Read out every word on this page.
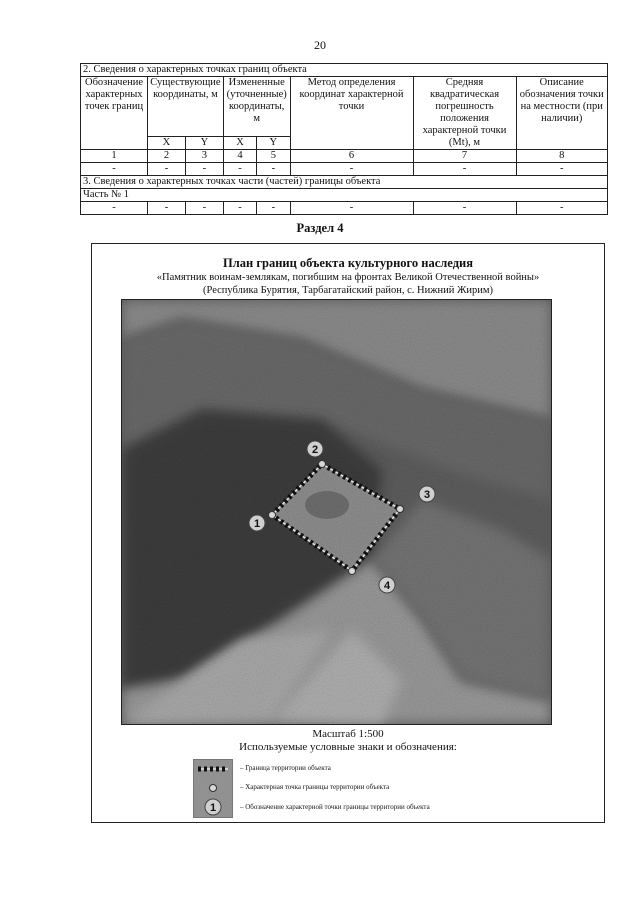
20
2. Сведения о характерных точках границ объекта							
Обозначение характерных точек границ	Существующие координаты, м		Измененные (уточненные) координаты, м		Метод определения координат характерной точки	Средняя квадратическая погрешность положения характерной точки (Мt), м	Описание обозначения точки на местности (при наличии)
	X	Y	X	Y			
1	2	3	4	5	6	7	8
-	-	-	-	-	-	-	-
3. Сведения о характерных точках части (частей) границы объекта							
Часть № 1							
-	-	-	-	-	-	-	-
Раздел 4
План границ объекта культурного наследия
«Памятник воинам-землякам, погибшим на фронтах Великой Отечественной войны»
(Республика Бурятия, Тарбагатайский район, с. Нижний Жирим)
1
2
3
4
Масштаб 1:500
Используемые условные знаки и обозначения:
1
– Граница территории объекта
– Характерная точка границы территории объекта
– Обозначение характерной точки границы территории объекта
